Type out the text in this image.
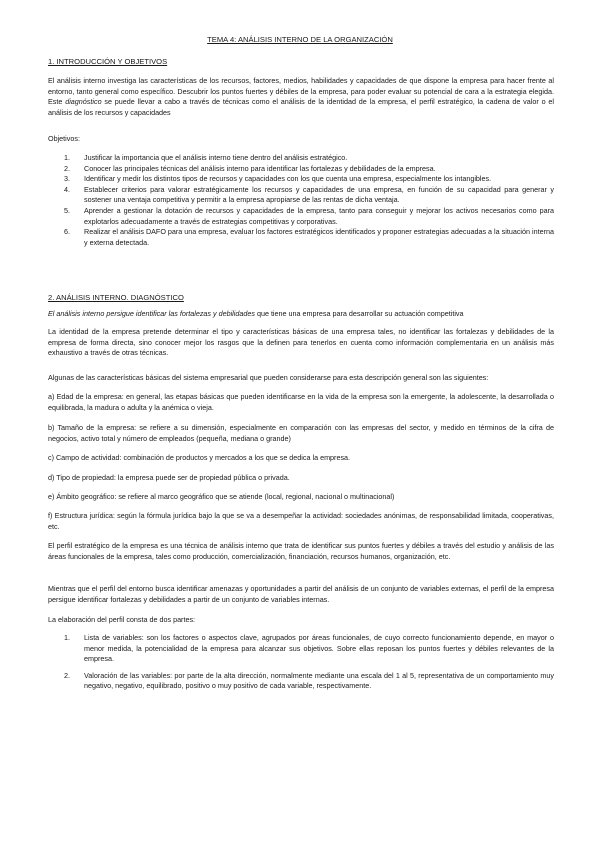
TEMA 4: ANÁLISIS INTERNO DE LA ORGANIZACIÓN
1. INTRODUCCIÓN Y OBJETIVOS
El análisis interno investiga las características de los recursos, factores, medios, habilidades y capacidades de que dispone la empresa para hacer frente al entorno, tanto general como específico. Descubrir los puntos fuertes y débiles de la empresa, para poder evaluar su potencial de cara a la estrategia elegida. Este diagnóstico se puede llevar a cabo a través de técnicas como el análisis de la identidad de la empresa, el perfil estratégico, la cadena de valor o el análisis de los recursos y capacidades
Objetivos:
1. Justificar la importancia que el análisis interno tiene dentro del análisis estratégico.
2. Conocer las principales técnicas del análisis interno para identificar las fortalezas y debilidades de la empresa.
3. Identificar y medir los distintos tipos de recursos y capacidades con los que cuenta una empresa, especialmente los intangibles.
4. Establecer criterios para valorar estratégicamente los recursos y capacidades de una empresa, en función de su capacidad para generar y sostener una ventaja competitiva y permitir a la empresa apropiarse de las rentas de dicha ventaja.
5. Aprender a gestionar la dotación de recursos y capacidades de la empresa, tanto para conseguir y mejorar los activos necesarios como para explotarlos adecuadamente a través de estrategias competitivas y corporativas.
6. Realizar el análisis DAFO para una empresa, evaluar los factores estratégicos identificados y proponer estrategias adecuadas a la situación interna y externa detectada.
2. ANÁLISIS INTERNO. DIAGNÓSTICO
El análisis interno persigue identificar las fortalezas y debilidades que tiene una empresa para desarrollar su actuación competitiva
La identidad de la empresa pretende determinar el tipo y características básicas de una empresa tales, no identificar las fortalezas y debilidades de la empresa de forma directa, sino conocer mejor los rasgos que la definen para tenerlos en cuenta como información complementaria en un análisis más exhaustivo a través de otras técnicas.
Algunas de las características básicas del sistema empresarial que pueden considerarse para esta descripción general son las siguientes:
a) Edad de la empresa: en general, las etapas básicas que pueden identificarse en la vida de la empresa son la emergente, la adolescente, la desarrollada o equilibrada, la madura o adulta y la anémica o vieja.
b) Tamaño de la empresa: se refiere a su dimensión, especialmente en comparación con las empresas del sector, y medido en términos de la cifra de negocios, activo total y número de empleados (pequeña, mediana o grande)
c) Campo de actividad: combinación de productos y mercados a los que se dedica la empresa.
d) Tipo de propiedad: la empresa puede ser de propiedad pública o privada.
e) Ámbito geográfico: se refiere al marco geográfico que se atiende (local, regional, nacional o multinacional)
f) Estructura jurídica: según la fórmula jurídica bajo la que se va a desempeñar la actividad: sociedades anónimas, de responsabilidad limitada, cooperativas, etc.
El perfil estratégico de la empresa es una técnica de análisis interno que trata de identificar sus puntos fuertes y débiles a través del estudio y análisis de las áreas funcionales de la empresa, tales como producción, comercialización, financiación, recursos humanos, organización, etc.
Mientras que el perfil del entorno busca identificar amenazas y oportunidades a partir del análisis de un conjunto de variables externas, el perfil de la empresa persigue identificar fortalezas y debilidades a partir de un conjunto de variables internas.
La elaboración del perfil consta de dos partes:
1. Lista de variables: son los factores o aspectos clave, agrupados por áreas funcionales, de cuyo correcto funcionamiento depende, en mayor o menor medida, la potencialidad de la empresa para alcanzar sus objetivos. Sobre ellas reposan los puntos fuertes y débiles relevantes de la empresa.
2. Valoración de las variables: por parte de la alta dirección, normalmente mediante una escala del 1 al 5, representativa de un comportamiento muy negativo, negativo, equilibrado, positivo o muy positivo de cada variable, respectivamente.
